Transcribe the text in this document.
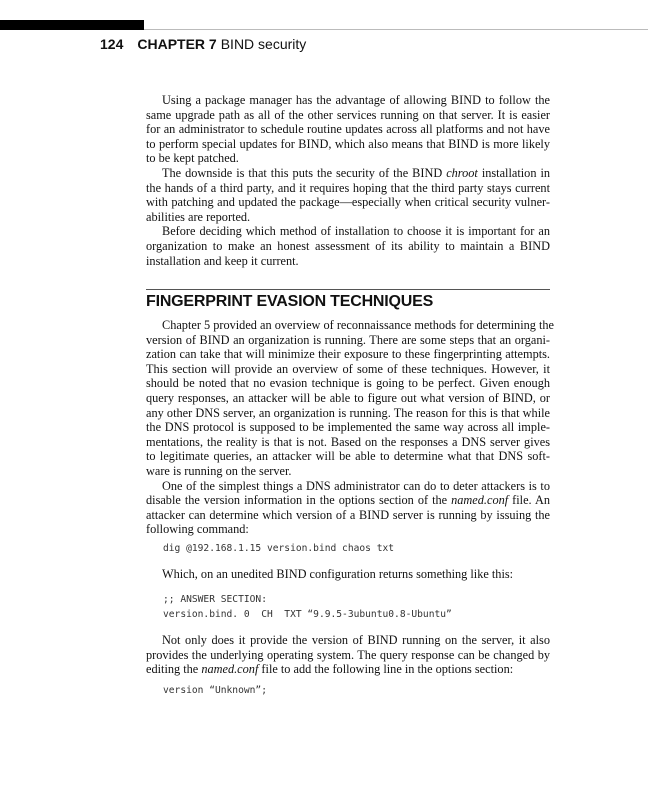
124 CHAPTER 7 BIND security
Using a package manager has the advantage of allowing BIND to follow the
same upgrade path as all of the other services running on that server. It is easier
for an administrator to schedule routine updates across all platforms and not have
to perform special updates for BIND, which also means that BIND is more likely
to be kept patched.
The downside is that this puts the security of the BIND chroot installation in
the hands of a third party, and it requires hoping that the third party stays current
with patching and updated the package—especially when critical security vulner-
abilities are reported.
Before deciding which method of installation to choose it is important for an
organization to make an honest assessment of its ability to maintain a BIND
installation and keep it current.
FINGERPRINT EVASION TECHNIQUES
Chapter 5 provided an overview of reconnaissance methods for determining the
version of BIND an organization is running. There are some steps that an organi-
zation can take that will minimize their exposure to these fingerprinting attempts.
This section will provide an overview of some of these techniques. However, it
should be noted that no evasion technique is going to be perfect. Given enough
query responses, an attacker will be able to figure out what version of BIND, or
any other DNS server, an organization is running. The reason for this is that while
the DNS protocol is supposed to be implemented the same way across all imple-
mentations, the reality is that is not. Based on the responses a DNS server gives
to legitimate queries, an attacker will be able to determine what that DNS soft-
ware is running on the server.
One of the simplest things a DNS administrator can do to deter attackers is to
disable the version information in the options section of the named.conf file. An
attacker can determine which version of a BIND server is running by issuing the
following command:
dig @192.168.1.15 version.bind chaos txt
Which, on an unedited BIND configuration returns something like this:
;; ANSWER SECTION:
version.bind. 0  CH  TXT “9.9.5-3ubuntu0.8-Ubuntu”
Not only does it provide the version of BIND running on the server, it also
provides the underlying operating system. The query response can be changed by
editing the named.conf file to add the following line in the options section:
version “Unknown”;
